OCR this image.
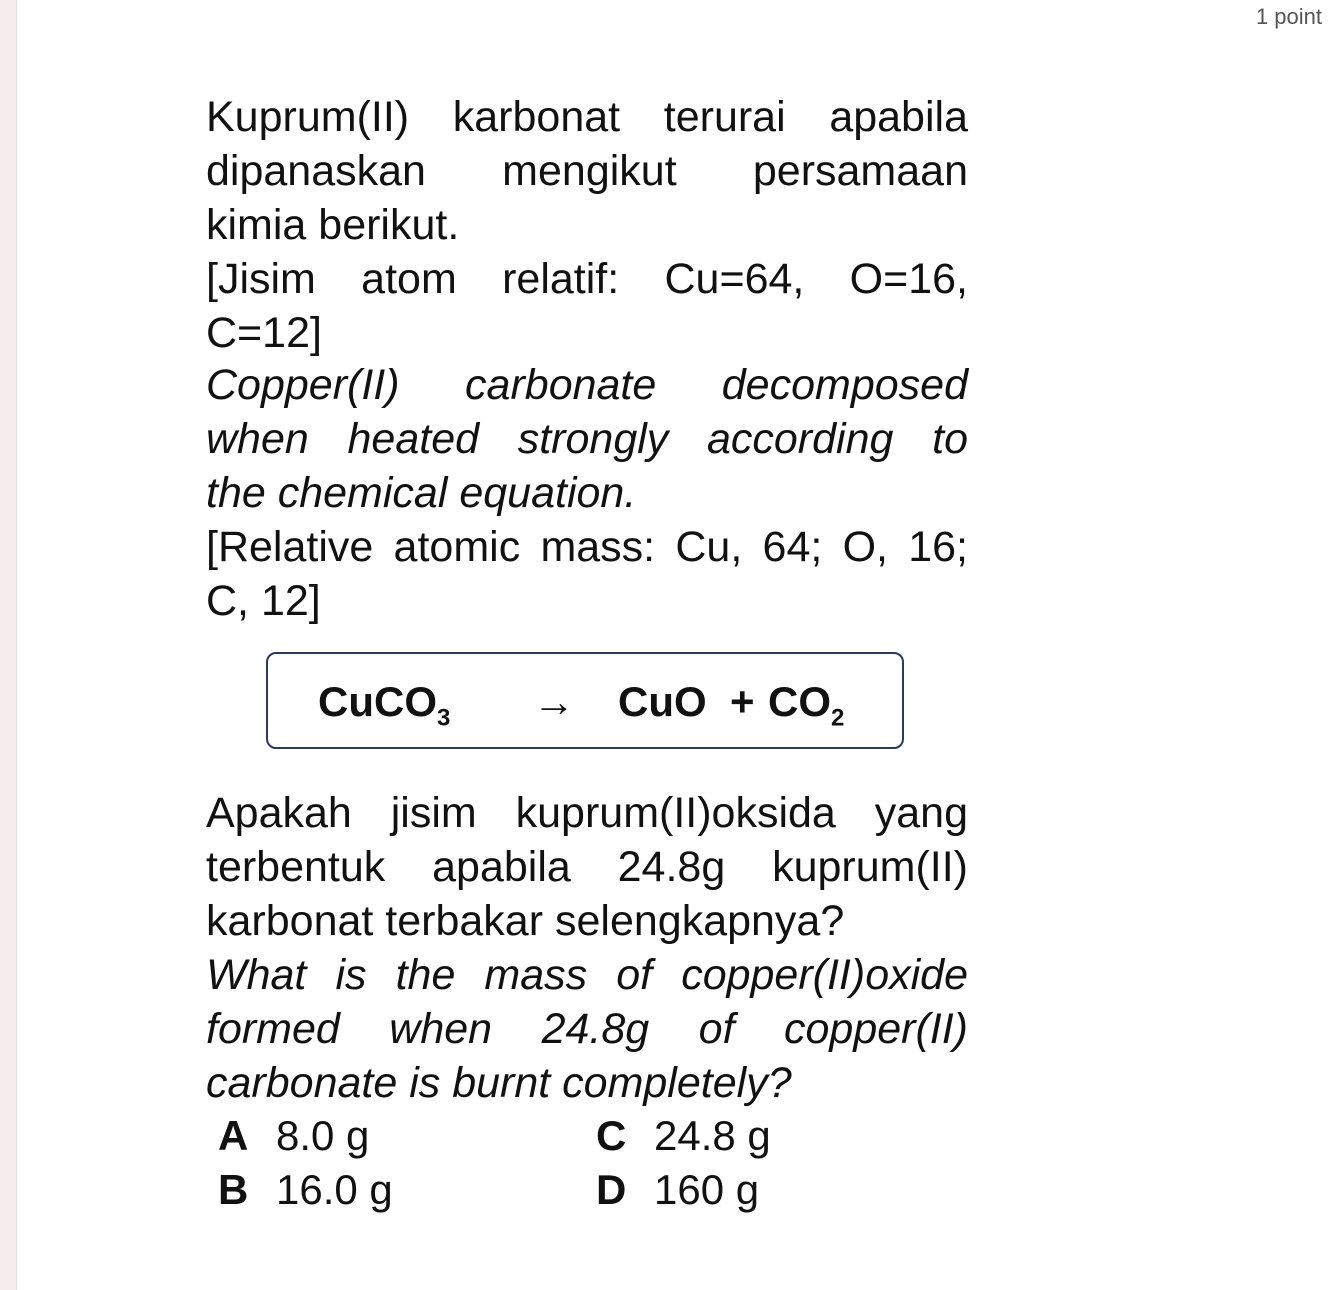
1 point
Kuprum(II) karbonat terurai apabila
dipanaskan mengikut persamaan
kimia berikut.
[Jisim atom relatif: Cu=64, O=16,
C=12]
Copper(II) carbonate decomposed
when heated strongly according to
the chemical equation.
[Relative atomic mass: Cu, 64; O, 16;
C, 12]
CuCO$_3$ → CuO + $CO_2$
Apakah jisim kuprum(II)oksida yang
terbentuk apabila 24.8g kuprum(II)
karbonat terbakar selengkapnya?
What is the mass of copper(II)oxide
formed when 24.8g of copper(II)
carbonate is burnt completely?
A 8.0 g
B 16.0 g
C 24.8 g
D 160 g
